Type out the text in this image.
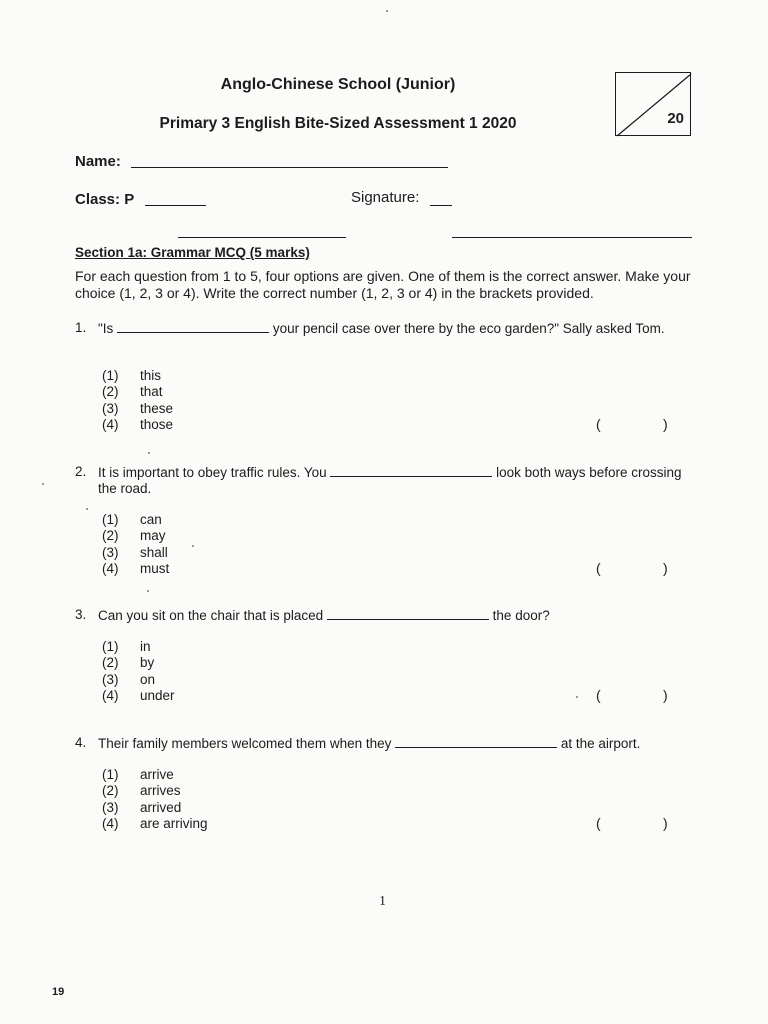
Anglo-Chinese School (Junior)
Primary 3 English Bite-Sized Assessment 1 2020	20
Name:
Class: P	Signature:
Section 1a: Grammar MCQ (5 marks)
For each question from 1 to 5, four options are given. One of them is the correct answer. Make your choice (1, 2, 3 or 4). Write the correct number (1, 2, 3 or 4) in the brackets provided.
1. "Is	your pencil case over there by the eco garden?" Sally asked Tom.
(1) this
(2) that
(3) these
(4) those	(	)
2. It is important to obey traffic rules. You	look both ways before crossing the road.
(1) can
(2) may
(3) shall
(4) must	(	)
3. Can you sit on the chair that is placed	the door?
(1) in
(2) by
(3) on
(4) under	(	)
4. Their family members welcomed them when they	at the airport.
(1) arrive
(2) arrives
(3) arrived
(4) are arriving	(	)
1
19
